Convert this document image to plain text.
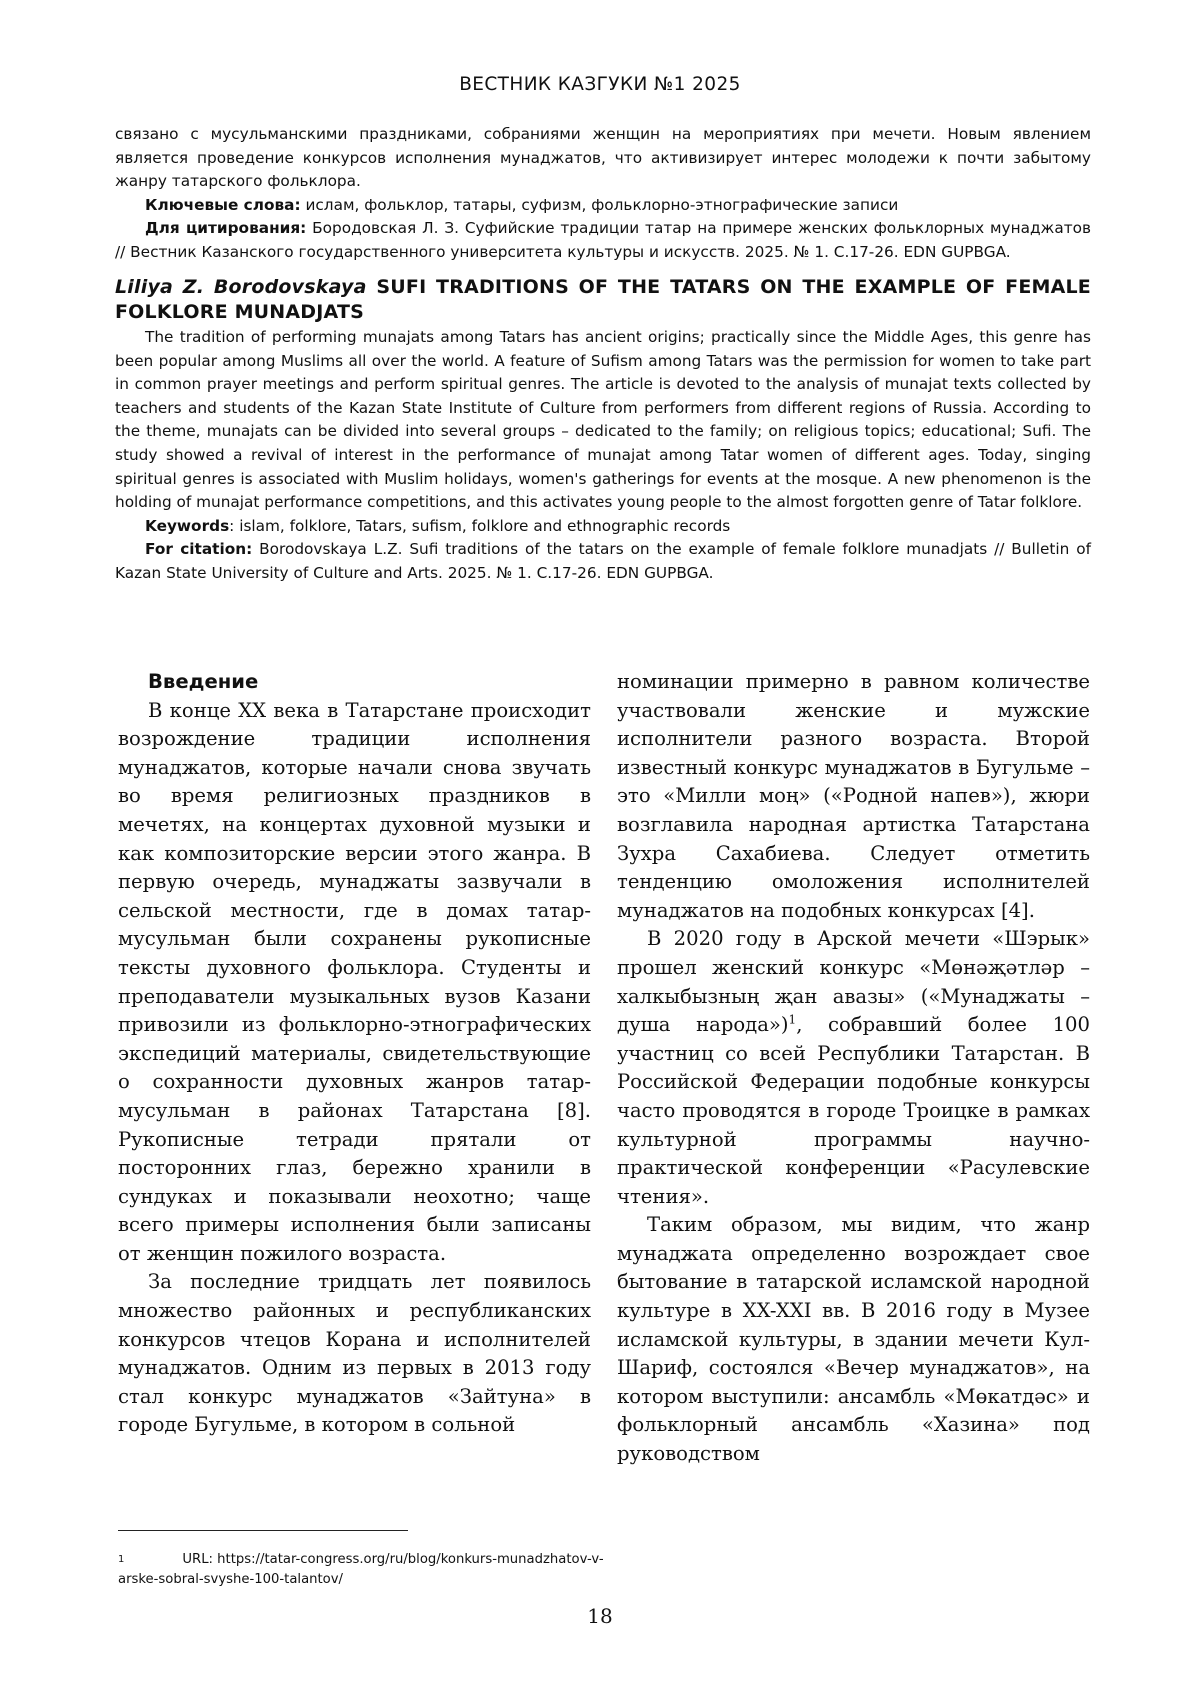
ВЕСТНИК КАЗГУКИ №1 2025

связано с мусульманскими праздниками, собраниями женщин на мероприятиях при мечети. Новым явлением является проведение конкурсов исполнения мунаджатов, что активизирует интерес молодежи к почти забытому жанру татарского фольклора.

Ключевые слова: ислам, фольклор, татары, суфизм, фольклорно-этнографические записи

Для цитирования: Бородовская Л. З. Суфийские традиции татар на примере женских фольклорных мунаджатов // Вестник Казанского государственного университета культуры и искусств. 2025. № 1. С.17-26. EDN GUPBGA.

Liliya Z. Borodovskaya SUFI TRADITIONS OF THE TATARS ON THE EXAMPLE OF FEMALE FOLKLORE MUNADJATS

The tradition of performing munajats among Tatars has ancient origins; practically since the Middle Ages, this genre has been popular among Muslims all over the world. A feature of Sufism among Tatars was the permission for women to take part in common prayer meetings and perform spiritual genres. The article is devoted to the analysis of munajat texts collected by teachers and students of the Kazan State Institute of Culture from performers from different regions of Russia. According to the theme, munajats can be divided into several groups – dedicated to the family; on religious topics; educational; Sufi. The study showed a revival of interest in the performance of munajat among Tatar women of different ages. Today, singing spiritual genres is associated with Muslim holidays, women's gatherings for events at the mosque. A new phenomenon is the holding of munajat performance competitions, and this activates young people to the almost forgotten genre of Tatar folklore.

Keywords: islam, folklore, Tatars, sufism, folklore and ethnographic records

For citation: Borodovskaya L.Z. Sufi traditions of the tatars on the example of female folklore munadjats // Bulletin of Kazan State University of Culture and Arts. 2025. № 1. С.17-26. EDN GUPBGA.

Введение

В конце XX века в Татарстане происходит возрождение традиции исполнения мунаджатов, которые начали снова звучать во время религиозных праздников в мечетях, на концертах духовной музыки и как композиторские версии этого жанра. В первую очередь, мунаджаты зазвучали в сельской местности, где в домах татар-мусульман были сохранены рукописные тексты духовного фольклора. Студенты и преподаватели музыкальных вузов Казани привозили из фольклорно-этнографических экспедиций материалы, свидетельствующие о сохранности духовных жанров татар-мусульман в районах Татарстана [8]. Рукописные тетради прятали от посторонних глаз, бережно хранили в сундуках и показывали неохотно; чаще всего примеры исполнения были записаны от женщин пожилого возраста.

За последние тридцать лет появилось множество районных и республиканских конкурсов чтецов Корана и исполнителей мунаджатов. Одним из первых в 2013 году стал конкурс мунаджатов «Зайтуна» в городе Бугульме, в котором в сольной

номинации примерно в равном количестве участвовали женские и мужские исполнители разного возраста. Второй известный конкурс мунаджатов в Бугульме – это «Милли моң» («Родной напев»), жюри возглавила народная артистка Татарстана Зухра Сахабиева. Следует отметить тенденцию омоложения исполнителей мунаджатов на подобных конкурсах [4].

В 2020 году в Арской мечети «Шэрык» прошел женский конкурс «Мөнәҗәтләр – халкыбызның җан авазы» («Мунаджаты – душа народа»)$^1$, собравший более 100 участниц со всей Республики Татарстан. В Российской Федерации подобные конкурсы часто проводятся в городе Троицке в рамках культурной программы научно-практической конференции «Расулевские чтения».

Таким образом, мы видим, что жанр мунаджата определенно возрождает свое бытование в татарской исламской народной культуре в XX-XXI вв. В 2016 году в Музее исламской культуры, в здании мечети Кул-Шариф, состоялся «Вечер мунаджатов», на котором выступили: ансамбль «Мөкатдәс» и фольклорный ансамбль «Хазина» под руководством

$^1$	URL: https://tatar-congress.org/ru/blog/konkurs-munadzhatov-v-arske-sobral-svyshe-100-talantov/
18
